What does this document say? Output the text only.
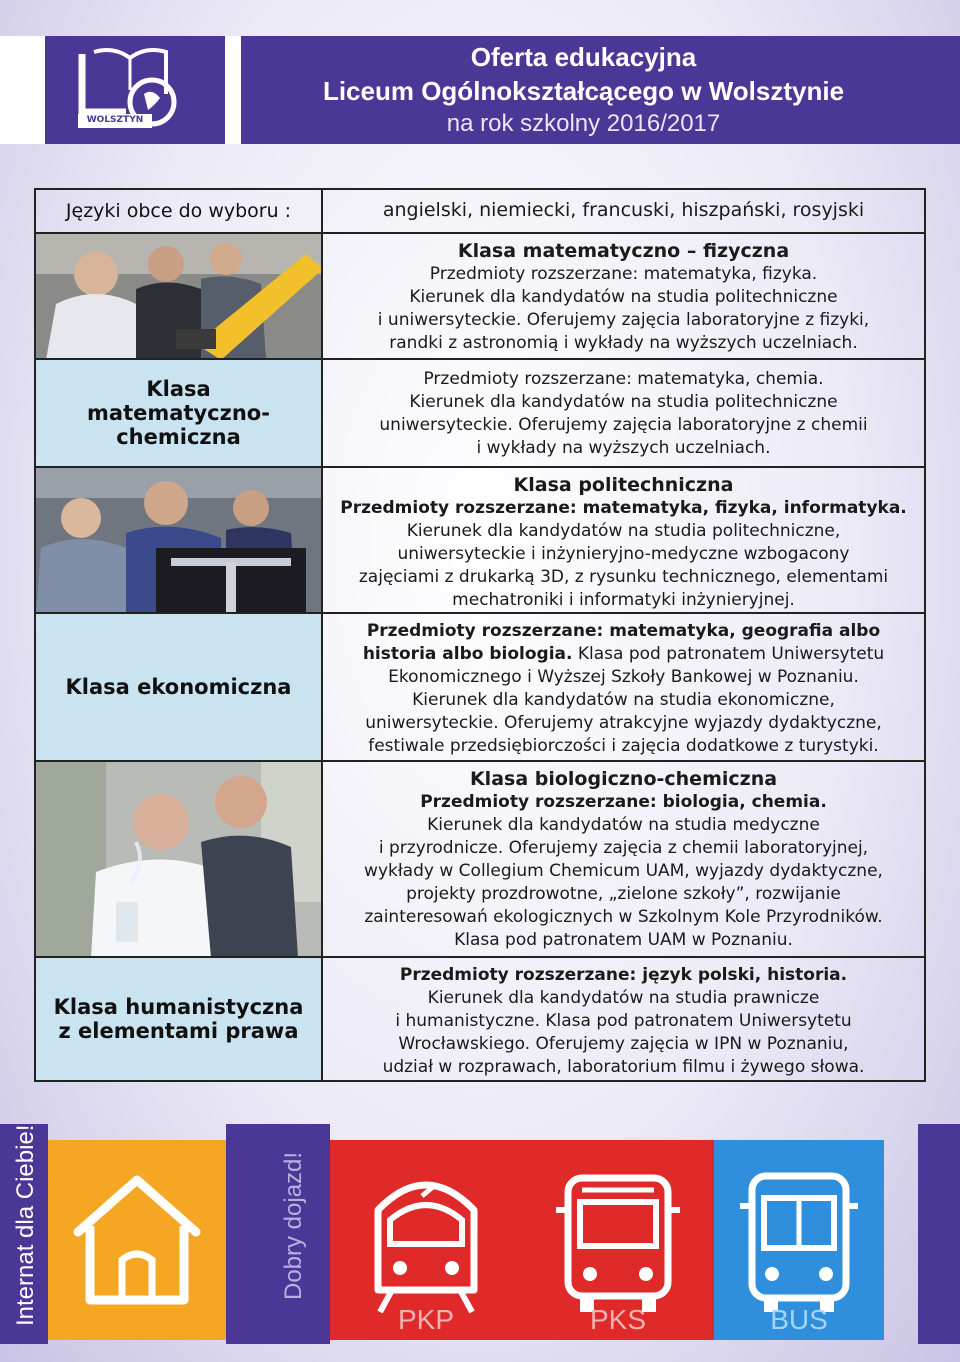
WOLSZTYN
Oferta edukacyjna
Liceum Ogólnokształcącego w Wolsztynie
na rok szkolny 2016/2017
Języki obce do wyboru :	angielski, niemiecki, francuski, hiszpański, rosyjski
Klasa matematyczno – fizyczna
Przedmioty rozszerzane: matematyka, fizyka.
Kierunek dla kandydatów na studia politechniczne
i uniwersyteckie. Oferujemy zajęcia laboratoryjne z fizyki,
randki z astronomią i wykłady na wyższych uczelniach.
Klasa
matematyczno-
chemiczna
Przedmioty rozszerzane: matematyka, chemia.
Kierunek dla kandydatów na studia politechniczne
uniwersyteckie. Oferujemy zajęcia laboratoryjne z chemii
i wykłady na wyższych uczelniach.
Klasa politechniczna
Przedmioty rozszerzane: matematyka, fizyka, informatyka.
Kierunek dla kandydatów na studia politechniczne,
uniwersyteckie i inżynieryjno-medyczne wzbogacony
zajęciami z drukarką 3D, z rysunku technicznego, elementami
mechatroniki i informatyki inżynieryjnej.
Klasa ekonomiczna
Przedmioty rozszerzane: matematyka, geografia albo
historia albo biologia. Klasa pod patronatem Uniwersytetu
Ekonomicznego i Wyższej Szkoły Bankowej w Poznaniu.
Kierunek dla kandydatów na studia ekonomiczne,
uniwersyteckie. Oferujemy atrakcyjne wyjazdy dydaktyczne,
festiwale przedsiębiorczości i zajęcia dodatkowe z turystyki.
Klasa biologiczno-chemiczna
Przedmioty rozszerzane: biologia, chemia.
Kierunek dla kandydatów na studia medyczne
i przyrodnicze. Oferujemy zajęcia z chemii laboratoryjnej,
wykłady w Collegium Chemicum UAM, wyjazdy dydaktyczne,
projekty prozdrowotne, „zielone szkoły”, rozwijanie
zainteresowań ekologicznych w Szkolnym Kole Przyrodników.
Klasa pod patronatem UAM w Poznaniu.
Klasa humanistyczna
z elementami prawa
Przedmioty rozszerzane: język polski, historia.
Kierunek dla kandydatów na studia prawnicze
i humanistyczne. Klasa pod patronatem Uniwersytetu
Wrocławskiego. Oferujemy zajęcia w IPN w Poznaniu,
udział w rozprawach, laboratorium filmu i żywego słowa.
Internat dla Ciebie!	Dobry dojazd!
PKP	PKS	BUS
